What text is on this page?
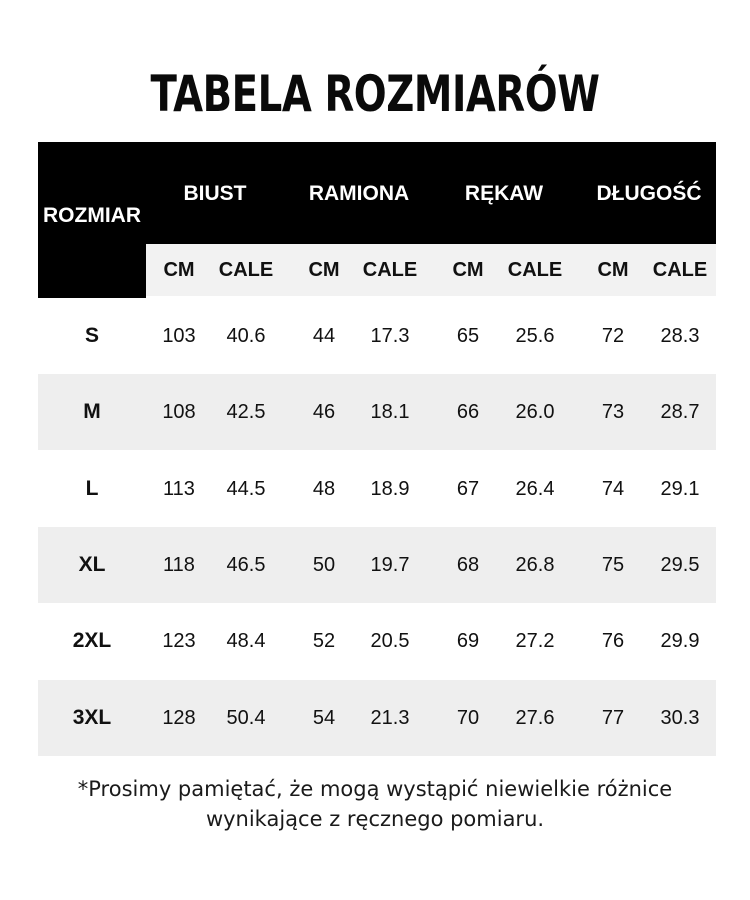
TABELA ROZMIARÓW
ROZMIAR
BIUST	RAMIONA	RĘKAW	DŁUGOŚĆ
CM	CALE	CM	CALE	CM	CALE	CM	CALE
S	103	40.6	44	17.3	65	25.6	72	28.3
M	108	42.5	46	18.1	66	26.0	73	28.7
L	113	44.5	48	18.9	67	26.4	74	29.1
XL	118	46.5	50	19.7	68	26.8	75	29.5
2XL	123	48.4	52	20.5	69	27.2	76	29.9
3XL	128	50.4	54	21.3	70	27.6	77	30.3
*Prosimy pamiętać, że mogą wystąpić niewielkie różnice
wynikające z ręcznego pomiaru.
